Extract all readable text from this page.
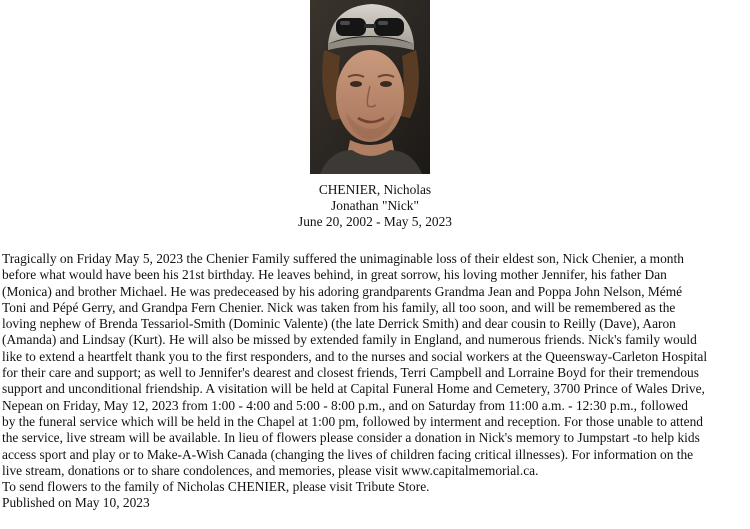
CHENIER, Nicholas
Jonathan "Nick"
June 20, 2002 - May 5, 2023

Tragically on Friday May 5, 2023 the Chenier Family suffered the unimaginable loss of their eldest son, Nick Chenier, a month
before what would have been his 21st birthday. He leaves behind, in great sorrow, his loving mother Jennifer, his father Dan
(Monica) and brother Michael. He was predeceased by his adoring grandparents Grandma Jean and Poppa John Nelson, Mémé
Toni and Pépé Gerry, and Grandpa Fern Chenier. Nick was taken from his family, all too soon, and will be remembered as the
loving nephew of Brenda Tessariol-Smith (Dominic Valente) (the late Derrick Smith) and dear cousin to Reilly (Dave), Aaron
(Amanda) and Lindsay (Kurt). He will also be missed by extended family in England, and numerous friends. Nick's family would
like to extend a heartfelt thank you to the first responders, and to the nurses and social workers at the Queensway-Carleton Hospital
for their care and support; as well to Jennifer's dearest and closest friends, Terri Campbell and Lorraine Boyd for their tremendous
support and unconditional friendship. A visitation will be held at Capital Funeral Home and Cemetery, 3700 Prince of Wales Drive,
Nepean on Friday, May 12, 2023 from 1:00 - 4:00 and 5:00 - 8:00 p.m., and on Saturday from 11:00 a.m. - 12:30 p.m., followed
by the funeral service which will be held in the Chapel at 1:00 pm, followed by interment and reception. For those unable to attend
the service, live stream will be available. In lieu of flowers please consider a donation in Nick's memory to Jumpstart -to help kids
access sport and play or to Make-A-Wish Canada (changing the lives of children facing critical illnesses). For information on the
live stream, donations or to share condolences, and memories, please visit www.capitalmemorial.ca.
To send flowers to the family of Nicholas CHENIER, please visit Tribute Store.
Published on May 10, 2023
